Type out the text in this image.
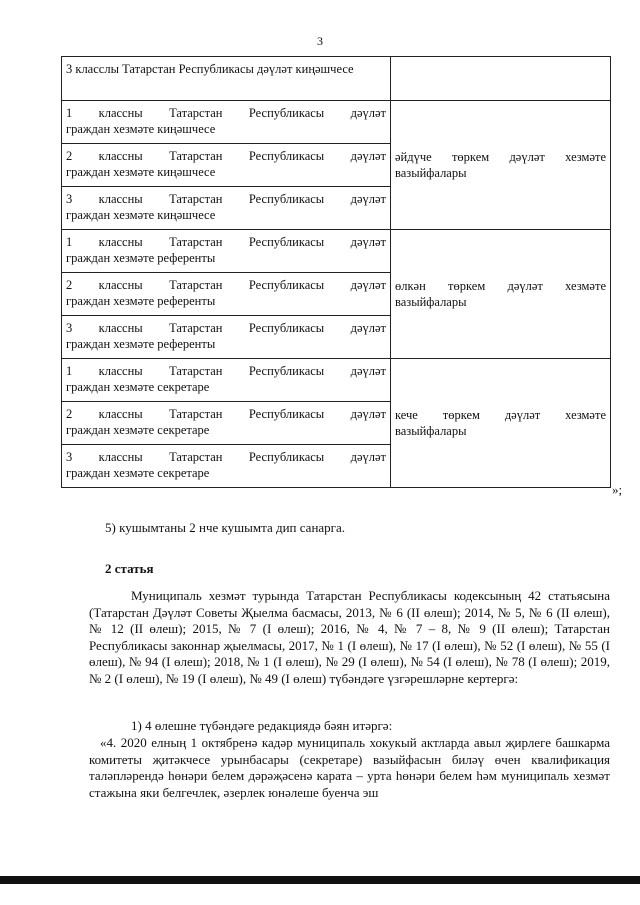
3
3 класслы Татарстан Республикасы дәүләт киңәшчесе	

1 классны Татарстан Республикасы дәүләт
граждан хезмәте киңәшчесе	әйдүче төркем дәүләт хезмәте
вазыйфалары

2 классны Татарстан Республикасы дәүләт
граждан хезмәте киңәшчесе	

3 классны Татарстан Республикасы дәүләт
граждан хезмәте киңәшчесе	

1 классны Татарстан Республикасы дәүләт
граждан хезмәте референты	өлкән төркем дәүләт хезмәте
вазыйфалары

2 классны Татарстан Республикасы дәүләт
граждан хезмәте референты	

3 классны Татарстан Республикасы дәүләт
граждан хезмәте референты	

1 классны Татарстан Республикасы дәүләт
граждан хезмәте секретаре	кече төркем дәүләт хезмәте
вазыйфалары

2 классны Татарстан Республикасы дәүләт
граждан хезмәте секретаре	

3 классны Татарстан Республикасы дәүләт
граждан хезмәте секретаре	
»;
5) кушымтаны 2 нче кушымта дип санарга.
2 статья
Муниципаль хезмәт турында Татарстан Республикасы кодексының 42 статьясына (Татарстан Дәүләт Советы Җыелма басмасы, 2013, № 6 (II өлеш); 2014, № 5, № 6 (II өлеш), № 12 (II өлеш); 2015, № 7 (I өлеш); 2016, № 4, № 7 – 8, № 9 (II өлеш); Татарстан Республикасы законнар җыелмасы, 2017, № 1 (I өлеш), № 17 (I өлеш), № 52 (I өлеш), № 55 (I өлеш), № 94 (I өлеш); 2018, № 1 (I өлеш), № 29 (I өлеш), № 54 (I өлеш), № 78 (I өлеш); 2019, № 2 (I өлеш), № 19 (I өлеш), № 49 (I өлеш) түбәндәге үзгәрешләрне кертергә:
1) 4 өлешне түбәндәге редакциядә бәян итәргә:
«4. 2020 елның 1 октябренә кадәр муниципаль хокукый актларда авыл җирлеге башкарма комитеты җитәкчесе урынбасары (секретаре) вазыйфасын биләү өчен квалификация таләпләрендә һөнәри белем дәрәҗәсенә карата – урта һөнәри белем һәм муниципаль хезмәт стажына яки белгечлек, әзерлек юнәлеше буенча эш
